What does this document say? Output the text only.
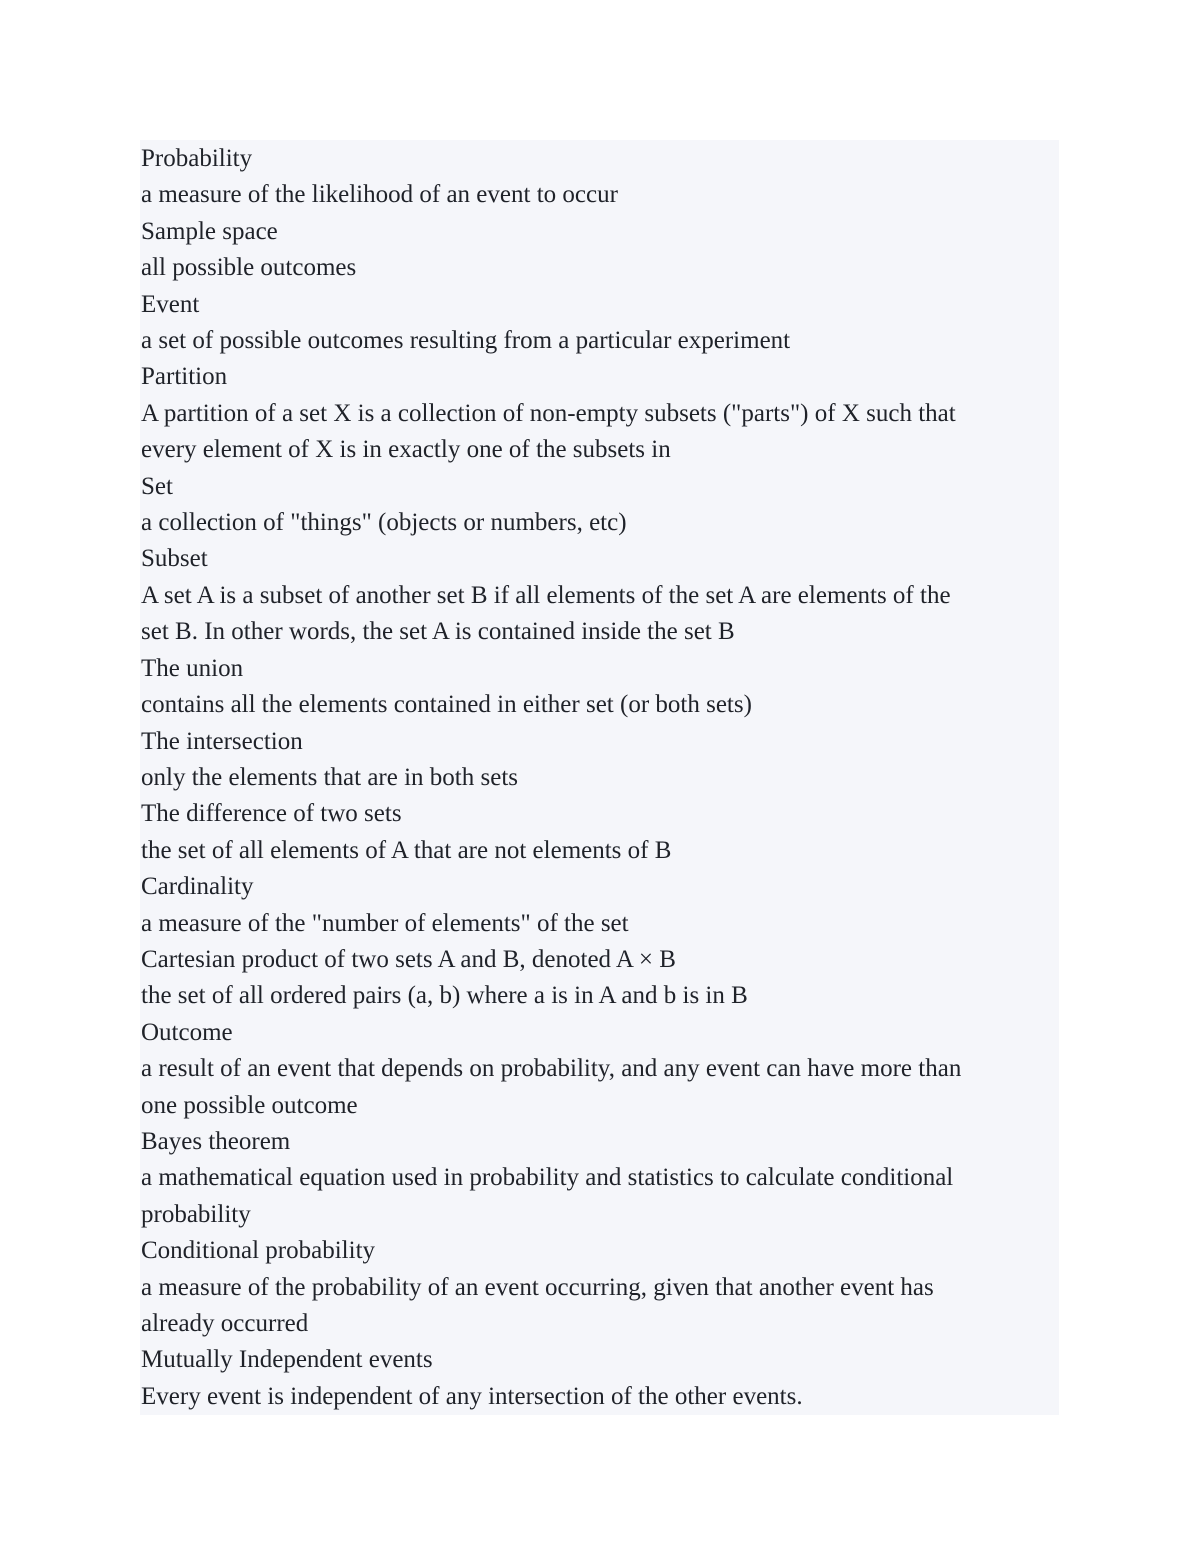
Probability

a measure of the likelihood of an event to occur

Sample space

all possible outcomes

Event

a set of possible outcomes resulting from a particular experiment

Partition

A partition of a set X is a collection of non-empty subsets ("parts") of X such that

every element of X is in exactly one of the subsets in

Set

a collection of "things" (objects or numbers, etc)

Subset

A set A is a subset of another set B if all elements of the set A are elements of the

set B. In other words, the set A is contained inside the set B

The union

contains all the elements contained in either set (or both sets)

The intersection

only the elements that are in both sets

The difference of two sets

the set of all elements of A that are not elements of B

Cardinality

a measure of the "number of elements" of the set

Cartesian product of two sets A and B, denoted A × B

the set of all ordered pairs (a, b) where a is in A and b is in B

Outcome

a result of an event that depends on probability, and any event can have more than

one possible outcome

Bayes theorem

a mathematical equation used in probability and statistics to calculate conditional

probability

Conditional probability

a measure of the probability of an event occurring, given that another event has

already occurred

Mutually Independent events

Every event is independent of any intersection of the other events.
